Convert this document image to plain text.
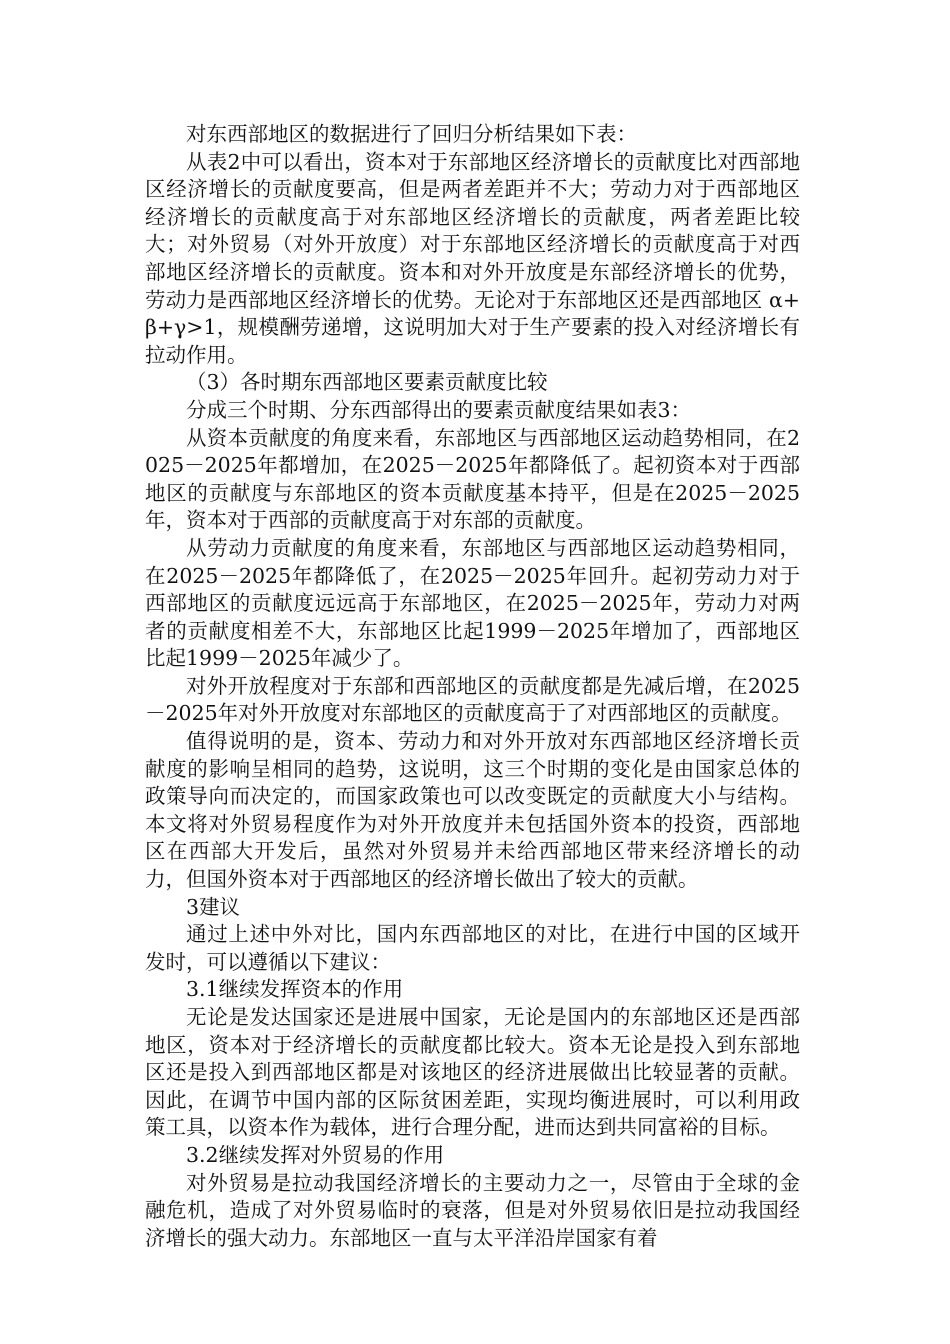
对东西部地区的数据进行了回归分析结果如下表：

从表2中可以看出，资本对于东部地区经济增长的贡献度比对西部地区经济增长的贡献度要高，但是两者差距并不大；劳动力对于西部地区经济增长的贡献度高于对东部地区经济增长的贡献度，两者差距比较大；对外贸易（对外开放度）对于东部地区经济增长的贡献度高于对西部地区经济增长的贡献度。资本和对外开放度是东部经济增长的优势，劳动力是西部地区经济增长的优势。无论对于东部地区还是西部地区 α+β+γ>1，规模酬劳递增，这说明加大对于生产要素的投入对经济增长有拉动作用。

（3）各时期东西部地区要素贡献度比较

分成三个时期、分东西部得出的要素贡献度结果如表3：

从资本贡献度的角度来看，东部地区与西部地区运动趋势相同，在2025－2025年都增加，在2025－2025年都降低了。起初资本对于西部地区的贡献度与东部地区的资本贡献度基本持平，但是在2025－2025年，资本对于西部的贡献度高于对东部的贡献度。

从劳动力贡献度的角度来看，东部地区与西部地区运动趋势相同，在2025－2025年都降低了，在2025－2025年回升。起初劳动力对于西部地区的贡献度远远高于东部地区，在2025－2025年，劳动力对两者的贡献度相差不大，东部地区比起1999－2025年增加了，西部地区比起1999－2025年减少了。

对外开放程度对于东部和西部地区的贡献度都是先减后增，在2025－2025年对外开放度对东部地区的贡献度高于了对西部地区的贡献度。

值得说明的是，资本、劳动力和对外开放对东西部地区经济增长贡献度的影响呈相同的趋势，这说明，这三个时期的变化是由国家总体的政策导向而决定的，而国家政策也可以改变既定的贡献度大小与结构。本文将对外贸易程度作为对外开放度并未包括国外资本的投资，西部地区在西部大开发后，虽然对外贸易并未给西部地区带来经济增长的动力，但国外资本对于西部地区的经济增长做出了较大的贡献。

3建议

通过上述中外对比，国内东西部地区的对比，在进行中国的区域开发时，可以遵循以下建议：

3.1继续发挥资本的作用

无论是发达国家还是进展中国家，无论是国内的东部地区还是西部地区，资本对于经济增长的贡献度都比较大。资本无论是投入到东部地区还是投入到西部地区都是对该地区的经济进展做出比较显著的贡献。因此，在调节中国内部的区际贫困差距，实现均衡进展时，可以利用政策工具，以资本作为载体，进行合理分配，进而达到共同富裕的目标。

3.2继续发挥对外贸易的作用

对外贸易是拉动我国经济增长的主要动力之一，尽管由于全球的金融危机，造成了对外贸易临时的衰落，但是对外贸易依旧是拉动我国经济增长的强大动力。东部地区一直与太平洋沿岸国家有着
